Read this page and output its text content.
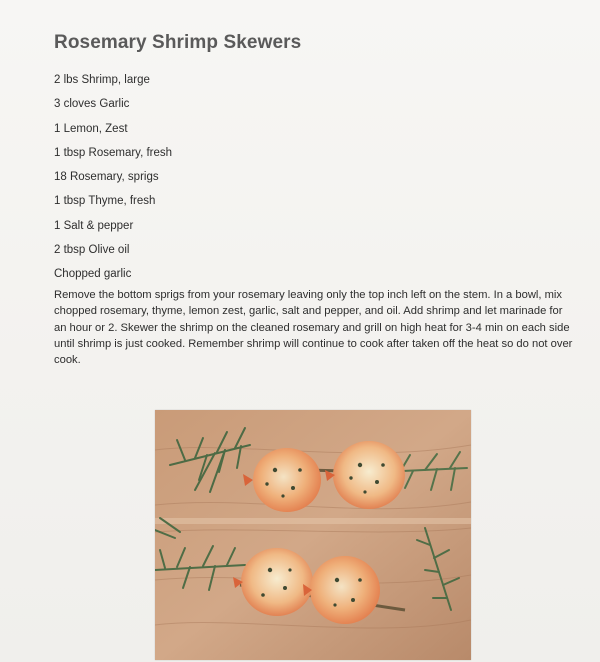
Rosemary Shrimp Skewers
2 lbs Shrimp, large
3 cloves Garlic
1 Lemon, Zest
1 tbsp Rosemary, fresh
18 Rosemary, sprigs
1 tbsp Thyme, fresh
1 Salt & pepper
2 tbsp Olive oil
Chopped garlic

Remove the bottom sprigs from your rosemary leaving only the top inch left on the stem. In a bowl, mix chopped rosemary, thyme, lemon zest, garlic, salt and pepper, and oil. Add shrimp and let marinade for an hour or 2. Skewer the shrimp on the cleaned rosemary and grill on high heat for 3-4 min on each side until shrimp is just cooked. Remember shrimp will continue to cook after taken off the heat so do not over cook.
